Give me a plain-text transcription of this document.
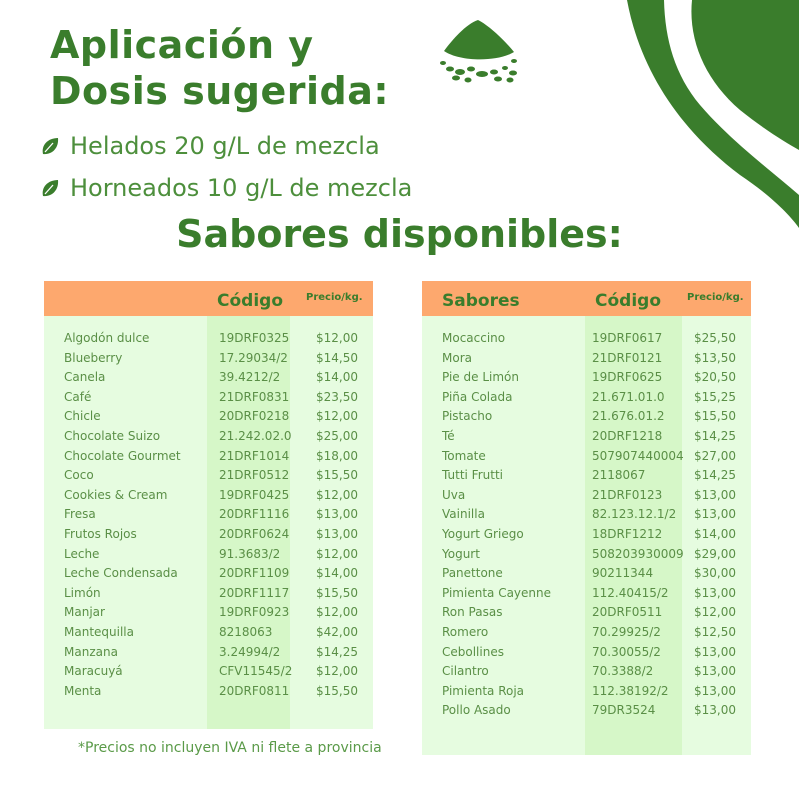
Aplicación y
Dosis sugerida:
Helados 20 g/L de mezcla
Horneados 10 g/L de mezcla
Sabores disponibles:
Código Precio/kg.
Algodón dulce	19DRF0325 $12,00
Blueberry	17.29034/2 $14,50
Canela	39.4212/2	$14,00
Café	21DRF0831 $23,50
Chicle	20DRF0218 $12,00
Chocolate Suizo	21.242.02.0 $25,00
Chocolate Gourmet	21DRF1014 $18,00
Coco	21DRF0512 $15,50
Cookies & Cream	19DRF0425 $12,00
Fresa	20DRF1116 $13,00
Frutos Rojos	20DRF0624 $13,00
Leche	91.3683/2	$12,00
Leche Condensada	20DRF1109 $14,00
Limón	20DRF1117 $15,50
Manjar	19DRF0923 $12,00
Mantequilla	8218063	$42,00
Manzana	3.24994/2	$14,25
Maracuyá	CFV11545/2 $12,00
Menta	20DRF0811 $15,50
Sabores	Código	Precio/kg.
Mocaccino	19DRF0617	$25,50
Mora	21DRF0121	$13,50
Pie de Limón	19DRF0625	$20,50
Piña Colada	21.671.01.0 $15,25
Pistacho	21.676.01.2 $15,50
Té	20DRF1218	$14,25
Tomate	507907440004 $27,00
Tutti Frutti	2118067	$14,25
Uva	21DRF0123	$13,00
Vainilla	82.123.12.1/2 $13,00
Yogurt Griego	18DRF1212	$14,00
Yogurt	508203930009 $29,00
Panettone	90211344	$30,00
Pimienta Cayenne	112.40415/2 $13,00
Ron Pasas	20DRF0511	$12,00
Romero	70.29925/2	$12,50
Cebollines	70.30055/2	$13,00
Cilantro	70.3388/2	$13,00
Pimienta Roja	112.38192/2 $13,00
Pollo Asado	79DR3524	$13,00
*Precios no incluyen IVA ni flete a provincia
